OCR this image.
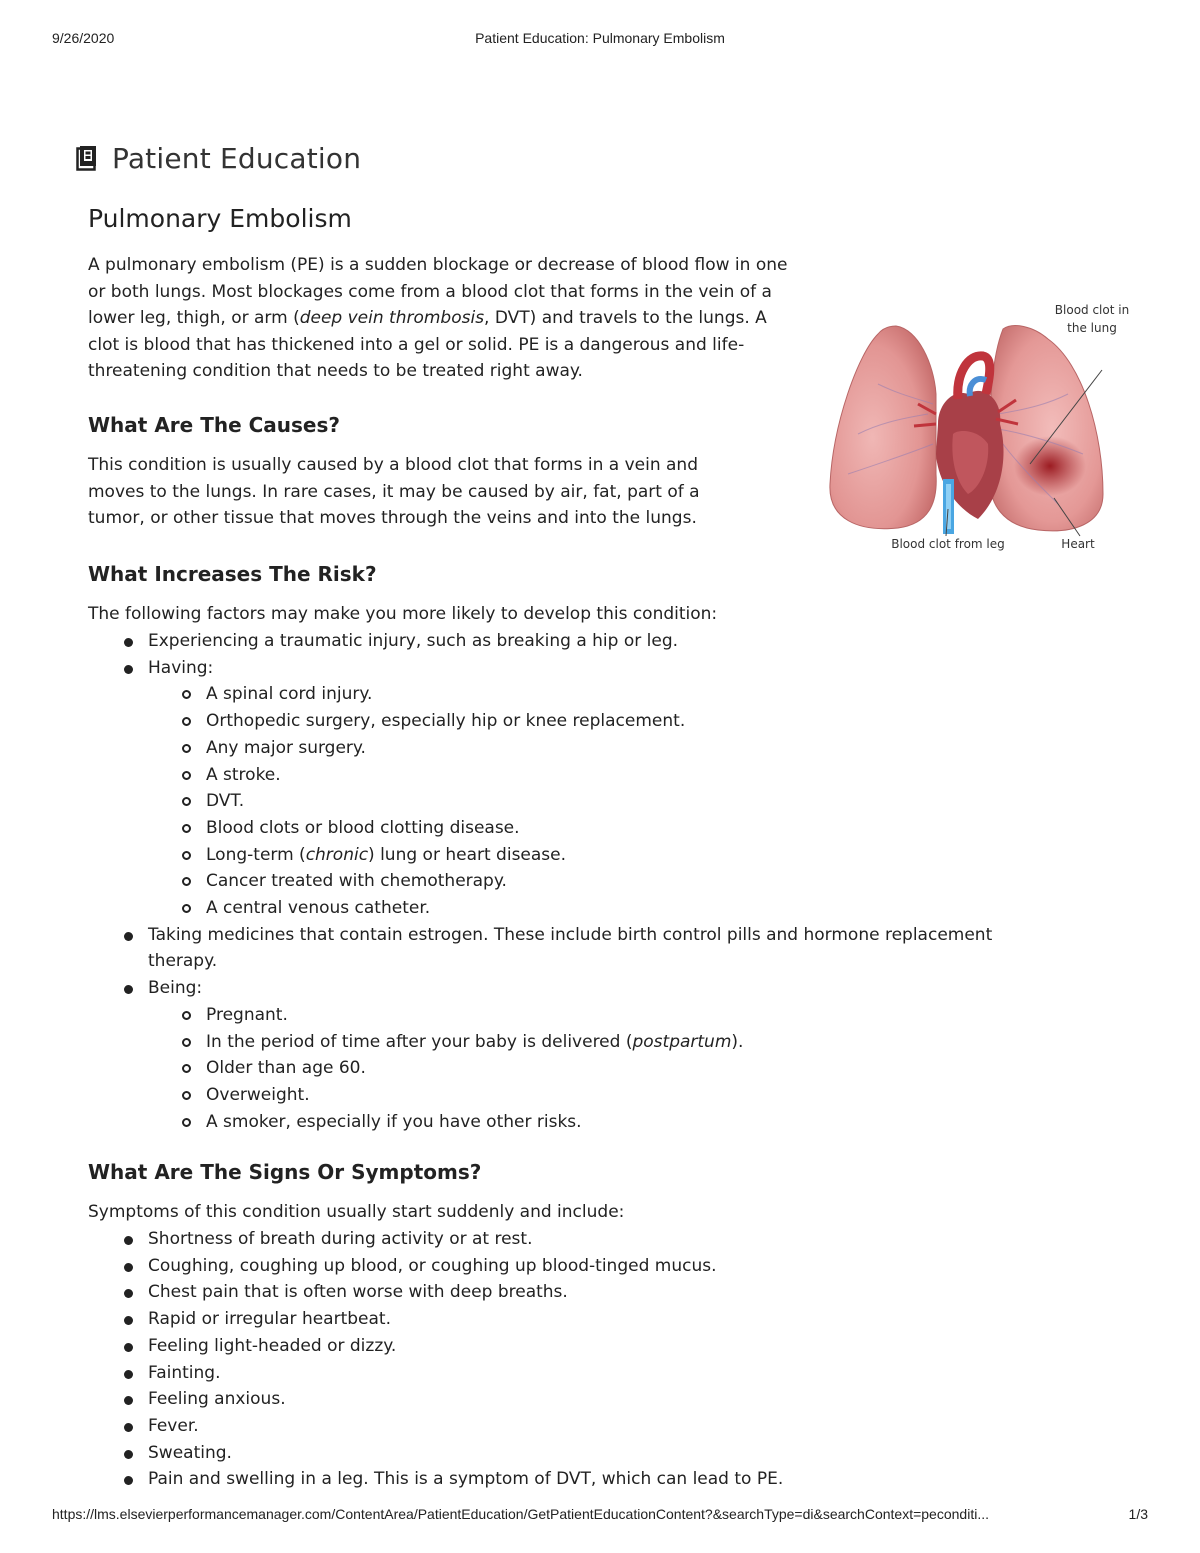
9/26/2020	Patient Education: Pulmonary Embolism
Patient Education
Pulmonary Embolism

A pulmonary embolism (PE) is a sudden blockage or decrease of blood flow in one or both lungs. Most blockages come from a blood clot that forms in the vein of a lower leg, thigh, or arm (deep vein thrombosis, DVT) and travels to the lungs. A clot is blood that has thickened into a gel or solid. PE is a dangerous and life-threatening condition that needs to be treated right away.

Blood clot in
the lung
Blood clot from leg	Heart
What Are The Causes?

This condition is usually caused by a blood clot that forms in a vein and moves to the lungs. In rare cases, it may be caused by air, fat, part of a tumor, or other tissue that moves through the veins and into the lungs.

What Increases The Risk?

The following factors may make you more likely to develop this condition:

Experiencing a traumatic injury, such as breaking a hip or leg.
Having:
A spinal cord injury.
Orthopedic surgery, especially hip or knee replacement.
Any major surgery.
A stroke.
DVT.
Blood clots or blood clotting disease.
Long-term (chronic) lung or heart disease.
Cancer treated with chemotherapy.
A central venous catheter.
Taking medicines that contain estrogen. These include birth control pills and hormone replacement therapy.
Being:
Pregnant.
In the period of time after your baby is delivered (postpartum).
Older than age 60.
Overweight.
A smoker, especially if you have other risks.
What Are The Signs Or Symptoms?

Symptoms of this condition usually start suddenly and include:

Shortness of breath during activity or at rest.
Coughing, coughing up blood, or coughing up blood-tinged mucus.
Chest pain that is often worse with deep breaths.
Rapid or irregular heartbeat.
Feeling light-headed or dizzy.
Fainting.
Feeling anxious.
Fever.
Sweating.
Pain and swelling in a leg. This is a symptom of DVT, which can lead to PE.
https://lms.elsevierperformancemanager.com/ContentArea/PatientEducation/GetPatientEducationContent?&searchType=di&searchContext=peconditi...	1/3
